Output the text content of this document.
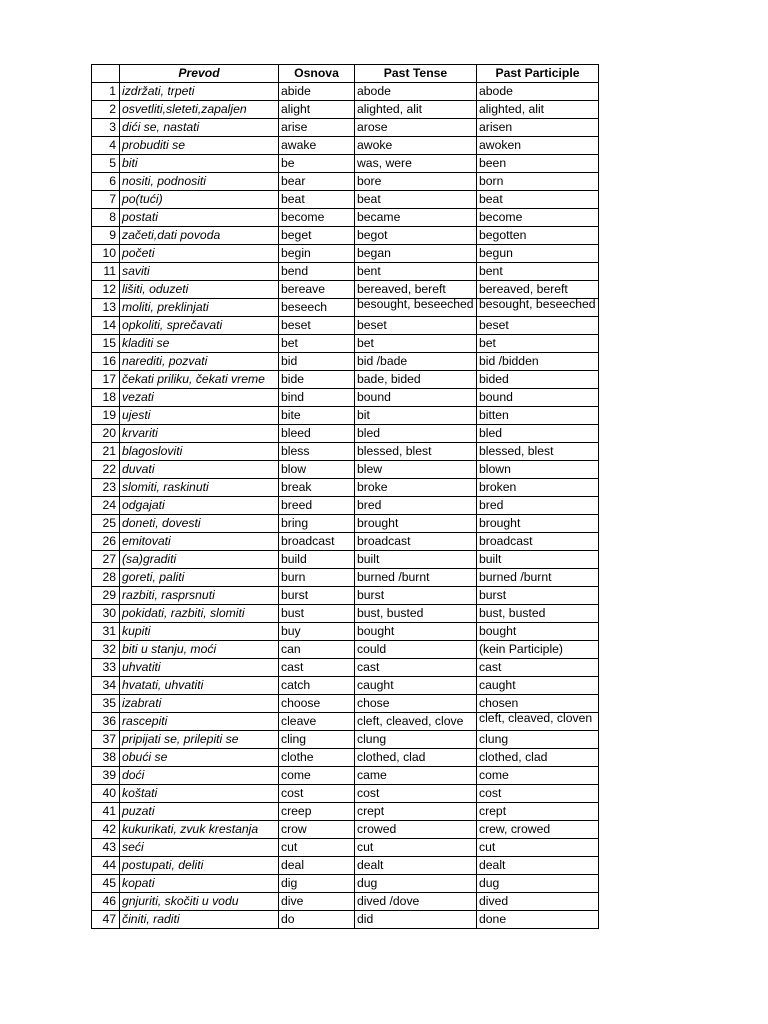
	Prevod	Osnova	Past Tense	Past Participle
1	izdržati, trpeti	abide	abode	abode
2	osvetliti,sleteti,zapaljen	alight	alighted, alit	alighted, alit
3	dići se, nastati	arise	arose	arisen
4	probuditi se	awake	awoke	awoken
5	biti	be	was, were	been
6	nositi, podnositi	bear	bore	born
7	po(tući)	beat	beat	beat
8	postati	become	became	become
9	začeti,dati povoda	beget	begot	begotten
10	početi	begin	began	begun
11	saviti	bend	bent	bent
12	lišiti, oduzeti	bereave	bereaved, bereft	bereaved, bereft
13	moliti, preklinjati	beseech	besought, beseeched	besought, beseeched
14	opkoliti, sprečavati	beset	beset	beset
15	kladiti se	bet	bet	bet
16	narediti, pozvati	bid	bid /bade	bid /bidden
17	čekati priliku, čekati vreme	bide	bade, bided	bided
18	vezati	bind	bound	bound
19	ujesti	bite	bit	bitten
20	krvariti	bleed	bled	bled
21	blagosloviti	bless	blessed, blest	blessed, blest
22	duvati	blow	blew	blown
23	slomiti, raskinuti	break	broke	broken
24	odgajati	breed	bred	bred
25	doneti, dovesti	bring	brought	brought
26	emitovati	broadcast	broadcast	broadcast
27	(sa)graditi	build	built	built
28	goreti, paliti	burn	burned /burnt	burned /burnt
29	razbiti, rasprsnuti	burst	burst	burst
30	pokidati, razbiti, slomiti	bust	bust, busted	bust, busted
31	kupiti	buy	bought	bought
32	biti u stanju, moći	can	could	(kein Participle)
33	uhvatiti	cast	cast	cast
34	hvatati, uhvatiti	catch	caught	caught
35	izabrati	choose	chose	chosen
36	rascepiti	cleave	cleft, cleaved, clove	cleft, cleaved, cloven
37	pripijati se, prilepiti se	cling	clung	clung
38	obući se	clothe	clothed, clad	clothed, clad
39	doći	come	came	come
40	koštati	cost	cost	cost
41	puzati	creep	crept	crept
42	kukurikati, zvuk krestanja	crow	crowed	crew, crowed
43	seći	cut	cut	cut
44	postupati, deliti	deal	dealt	dealt
45	kopati	dig	dug	dug
46	gnjuriti, skočiti u vodu	dive	dived /dove	dived
47	činiti, raditi	do	did	done
